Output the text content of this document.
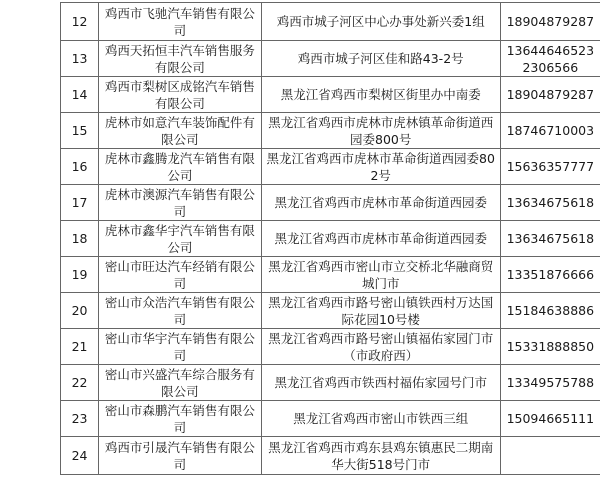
12	鸡西市飞驰汽车销售有限公司	鸡西市城子河区中心办事处新兴委1组	18904879287
13	鸡西天拓恒丰汽车销售服务有限公司	鸡西市城子河区佳和路43-2号	13644646523 2306566
14	鸡西市梨树区成铭汽车销售有限公司	黑龙江省鸡西市梨树区街里办中南委	18904879287
15	虎林市如意汽车装饰配件有限公司	黑龙江省鸡西市虎林市虎林镇革命街道西园委800号	18746710003
16	虎林市鑫腾龙汽车销售有限公司	黑龙江省鸡西市虎林市革命街道西园委802号	15636357777
17	虎林市澳源汽车销售有限公司	黑龙江省鸡西市虎林市革命街道西园委	13634675618
18	虎林市鑫华宇汽车销售有限公司	黑龙江省鸡西市虎林市革命街道西园委	13634675618
19	密山市旺达汽车经销有限公司	黑龙江省鸡西市密山市立交桥北华融商贸城门市	13351876666
20	密山市众浩汽车销售有限公司	黑龙江省鸡西市路号密山镇铁西村万达国际花园10号楼	15184638886
21	密山市华宇汽车销售有限公司	黑龙江省鸡西市路号密山镇福佑家园门市（市政府西）	15331888850
22	密山市兴盛汽车综合服务有限公司	黑龙江省鸡西市铁西村福佑家园号门市	13349575788
23	密山市森鹏汽车销售有限公司	黑龙江省鸡西市密山市铁西三组	15094665111
24	鸡西市引晟汽车销售有限公司	黑龙江省鸡西市鸡东县鸡东镇惠民二期南华大街518号门市	
